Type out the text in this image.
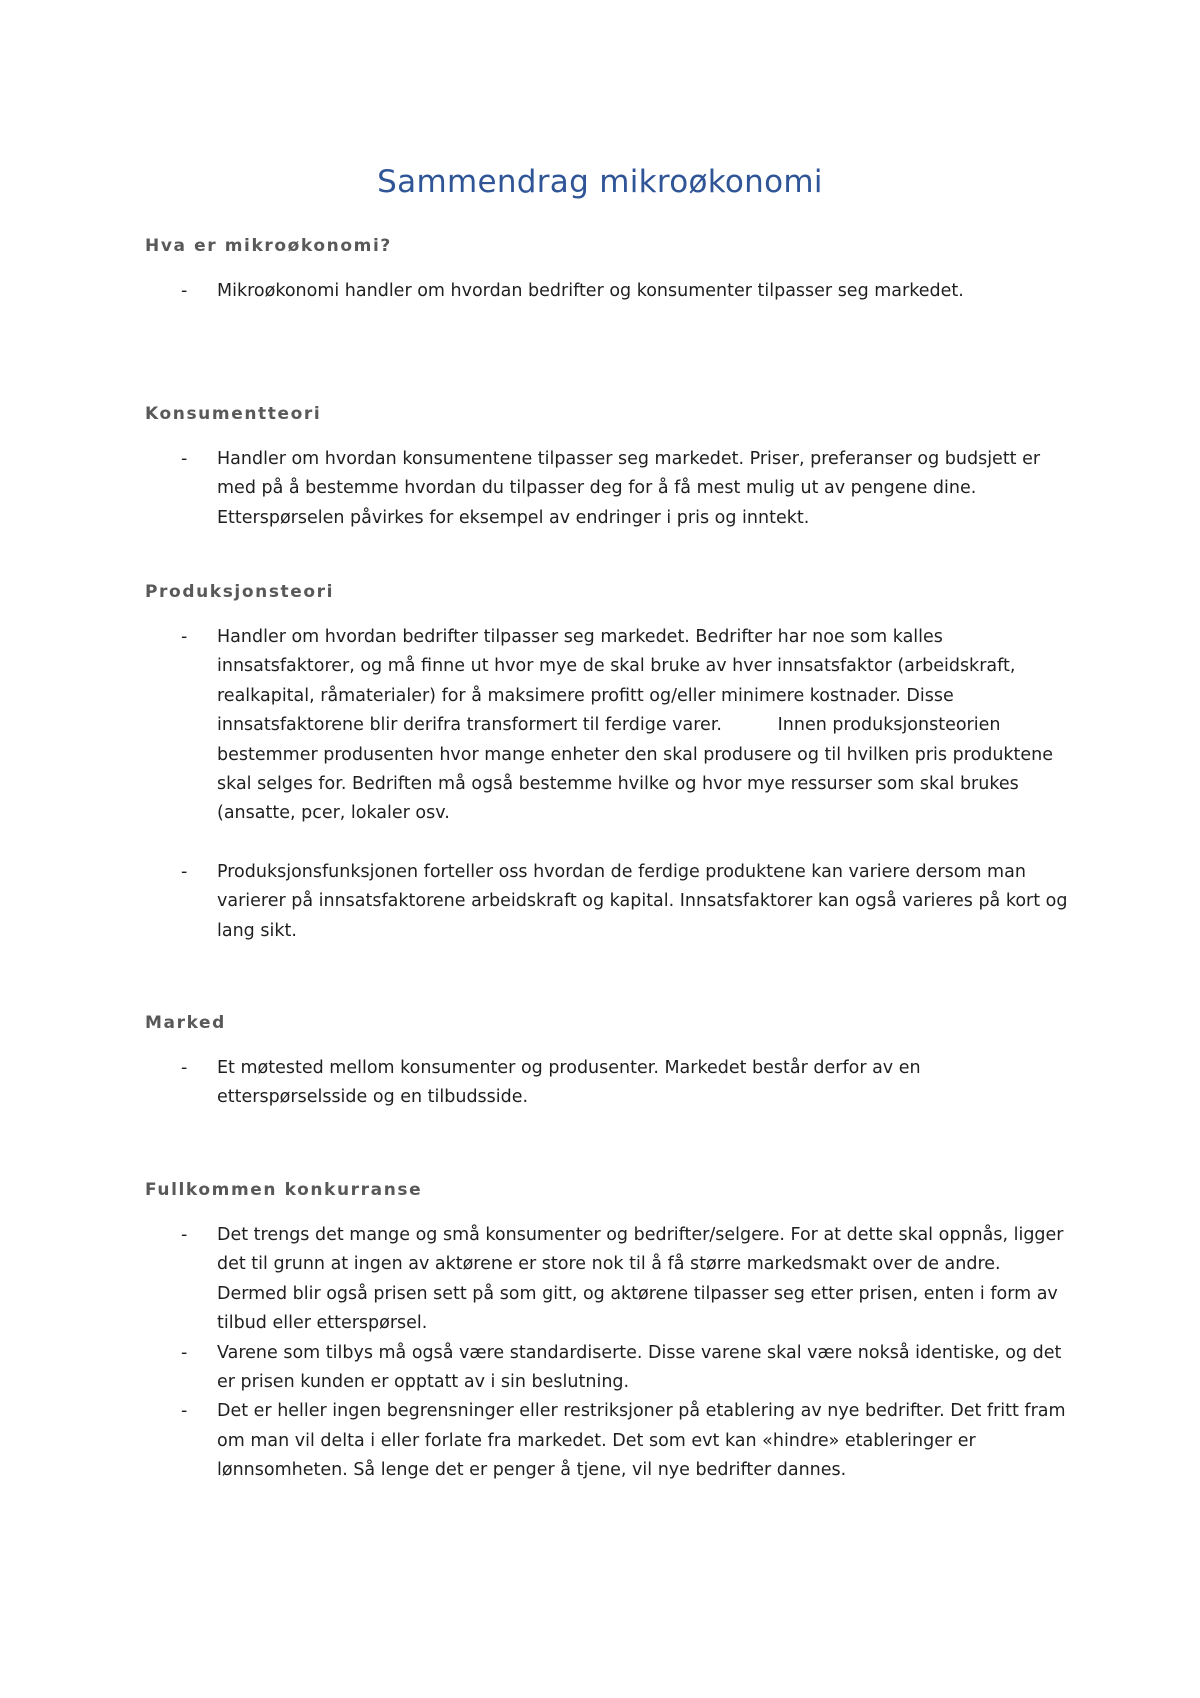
Sammendrag mikroøkonomi
Hva er mikroøkonomi?
- Mikroøkonomi handler om hvordan bedrifter og konsumenter tilpasser seg markedet.
Konsumentteori
- Handler om hvordan konsumentene tilpasser seg markedet. Priser, preferanser og budsjett er med på å bestemme hvordan du tilpasser deg for å få mest mulig ut av pengene dine. Etterspørselen påvirkes for eksempel av endringer i pris og inntekt.
Produksjonsteori
- Handler om hvordan bedrifter tilpasser seg markedet. Bedrifter har noe som kalles innsatsfaktorer, og må finne ut hvor mye de skal bruke av hver innsatsfaktor (arbeidskraft, realkapital, råmaterialer) for å maksimere profitt og/eller minimere kostnader. Disse innsatsfaktorene blir derifra transformert til ferdige varer.          Innen produksjonsteorien bestemmer produsenten hvor mange enheter den skal produsere og til hvilken pris produktene skal selges for. Bedriften må også bestemme hvilke og hvor mye ressurser som skal brukes (ansatte, pcer, lokaler osv.
- Produksjonsfunksjonen forteller oss hvordan de ferdige produktene kan variere dersom man varierer på innsatsfaktorene arbeidskraft og kapital. Innsatsfaktorer kan også varieres på kort og lang sikt.
Marked
- Et møtested mellom konsumenter og produsenter. Markedet består derfor av en etterspørselsside og en tilbudsside.
Fullkommen konkurranse
- Det trengs det mange og små konsumenter og bedrifter/selgere. For at dette skal oppnås, ligger det til grunn at ingen av aktørene er store nok til å få større markedsmakt over de andre. Dermed blir også prisen sett på som gitt, og aktørene tilpasser seg etter prisen, enten i form av tilbud eller etterspørsel.
- Varene som tilbys må også være standardiserte. Disse varene skal være nokså identiske, og det er prisen kunden er opptatt av i sin beslutning.
- Det er heller ingen begrensninger eller restriksjoner på etablering av nye bedrifter. Det fritt fram om man vil delta i eller forlate fra markedet. Det som evt kan «hindre» etableringer er lønnsomheten. Så lenge det er penger å tjene, vil nye bedrifter dannes.
